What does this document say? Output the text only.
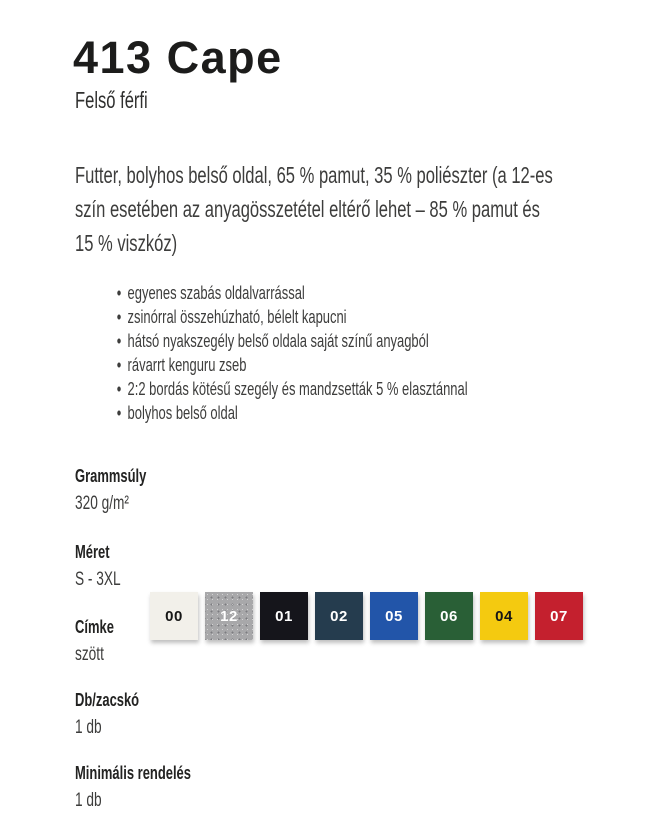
413 Cape
Felső férfi
Futter, bolyhos belső oldal, 65 % pamut, 35 % poliészter (a 12-es
szín esetében az anyagösszetétel eltérő lehet – 85 % pamut és
15 % viszkóz)
• egyenes szabás oldalvarrással
• zsinórral összehúzható, bélelt kapucni
• hátsó nyakszegély belső oldala saját színű anyagból
• rávarrt kenguru zseb
• 2:2 bordás kötésű szegély és mandzsetták 5 % elasztánnal
• bolyhos belső oldal
Grammsúly
320 g/m²
Méret
S - 3XL
Címke
szött
Db/zacskó
1 db
Minimális rendelés
1 db
00 12 01 02 05 06 04 07
